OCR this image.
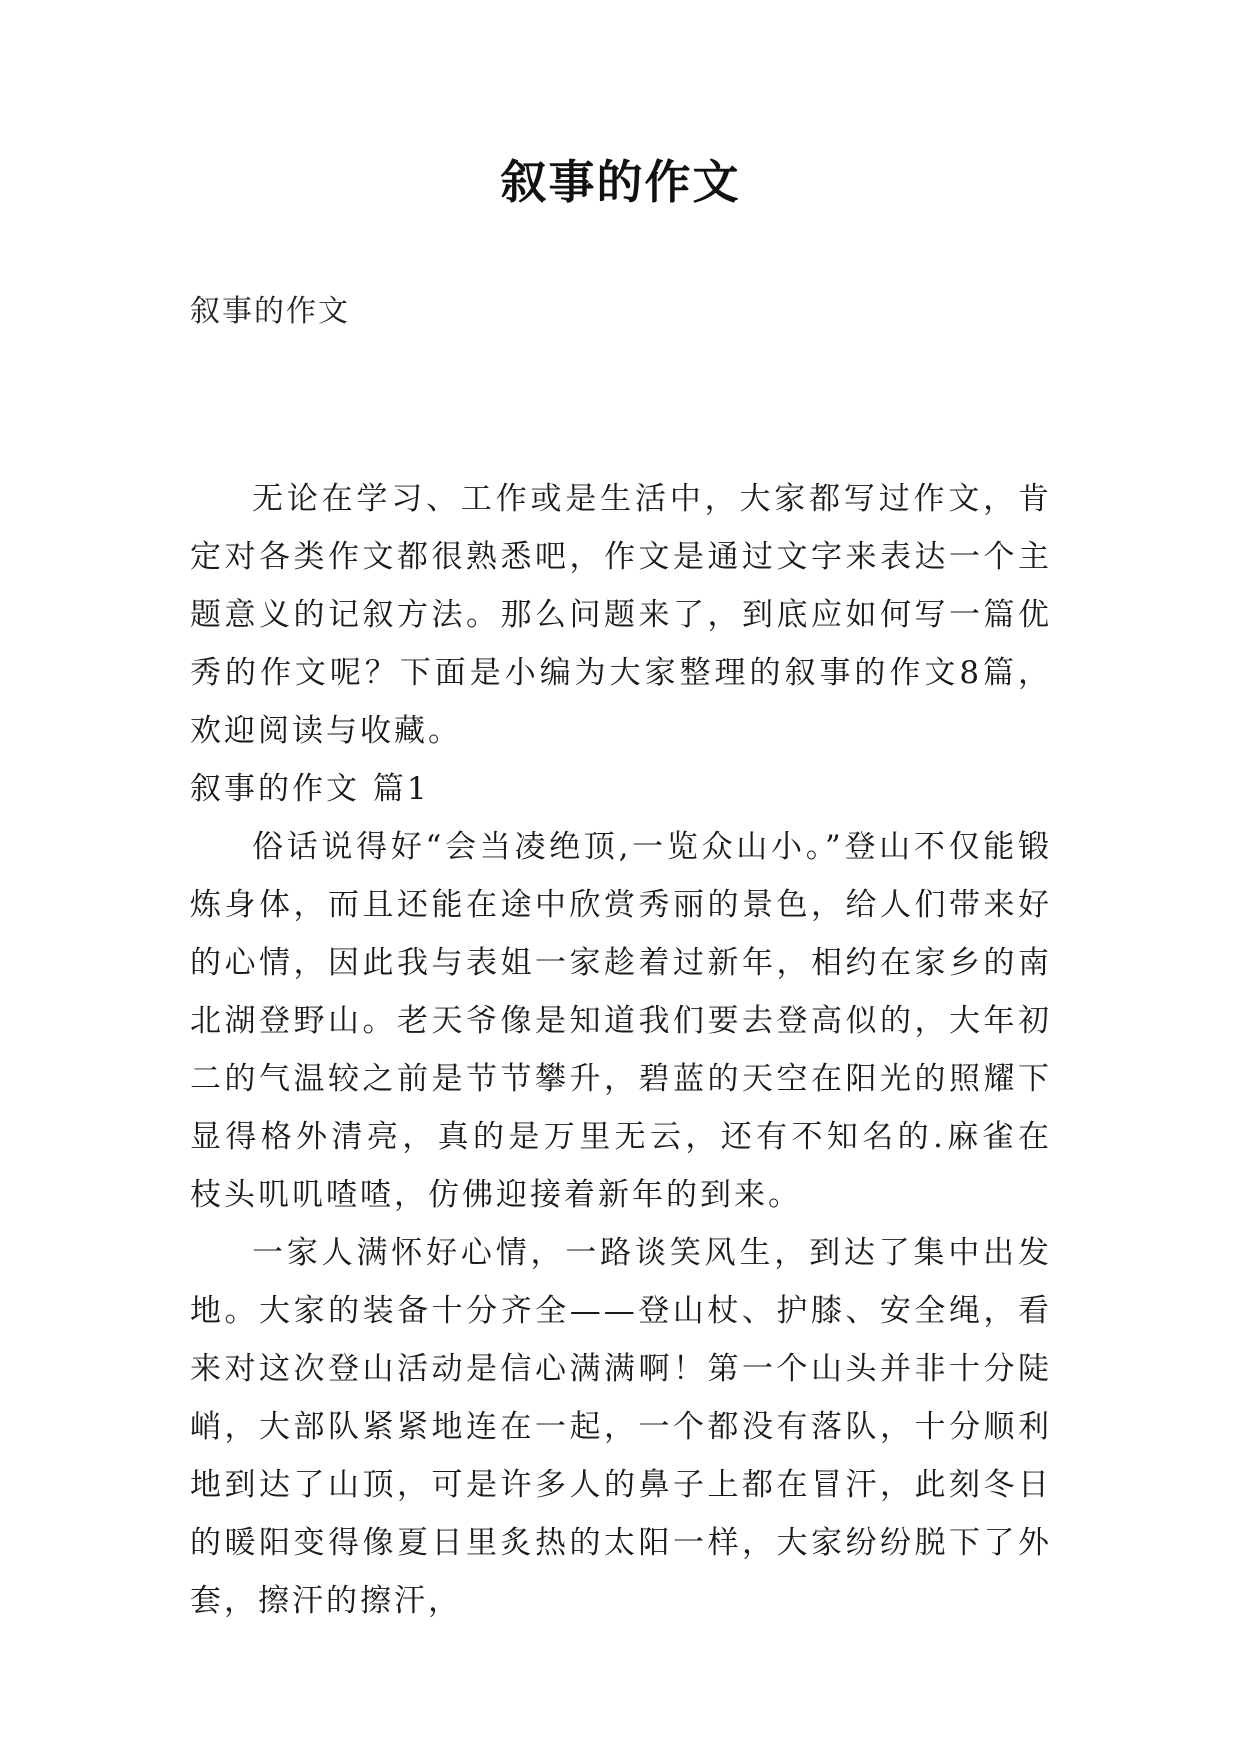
叙事的作文
叙事的作文

无论在学习、工作或是生活中，大家都写过作文，肯定对各类作文都很熟悉吧，作文是通过文字来表达一个主题意义的记叙方法。那么问题来了，到底应如何写一篇优秀的作文呢？下面是小编为大家整理的叙事的作文8篇，欢迎阅读与收藏。

叙事的作文 篇1

俗话说得好“会当凌绝顶,一览众山小。”登山不仅能锻炼身体，而且还能在途中欣赏秀丽的景色，给人们带来好的心情，因此我与表姐一家趁着过新年，相约在家乡的南北湖登野山。老天爷像是知道我们要去登高似的，大年初二的气温较之前是节节攀升，碧蓝的天空在阳光的照耀下显得格外清亮，真的是万里无云，还有不知名的.麻雀在枝头叽叽喳喳，仿佛迎接着新年的到来。

一家人满怀好心情，一路谈笑风生，到达了集中出发地。大家的装备十分齐全——登山杖、护膝、安全绳，看来对这次登山活动是信心满满啊！第一个山头并非十分陡峭，大部队紧紧地连在一起，一个都没有落队，十分顺利地到达了山顶，可是许多人的鼻子上都在冒汗，此刻冬日的暖阳变得像夏日里炙热的太阳一样，大家纷纷脱下了外套，擦汗的擦汗，
